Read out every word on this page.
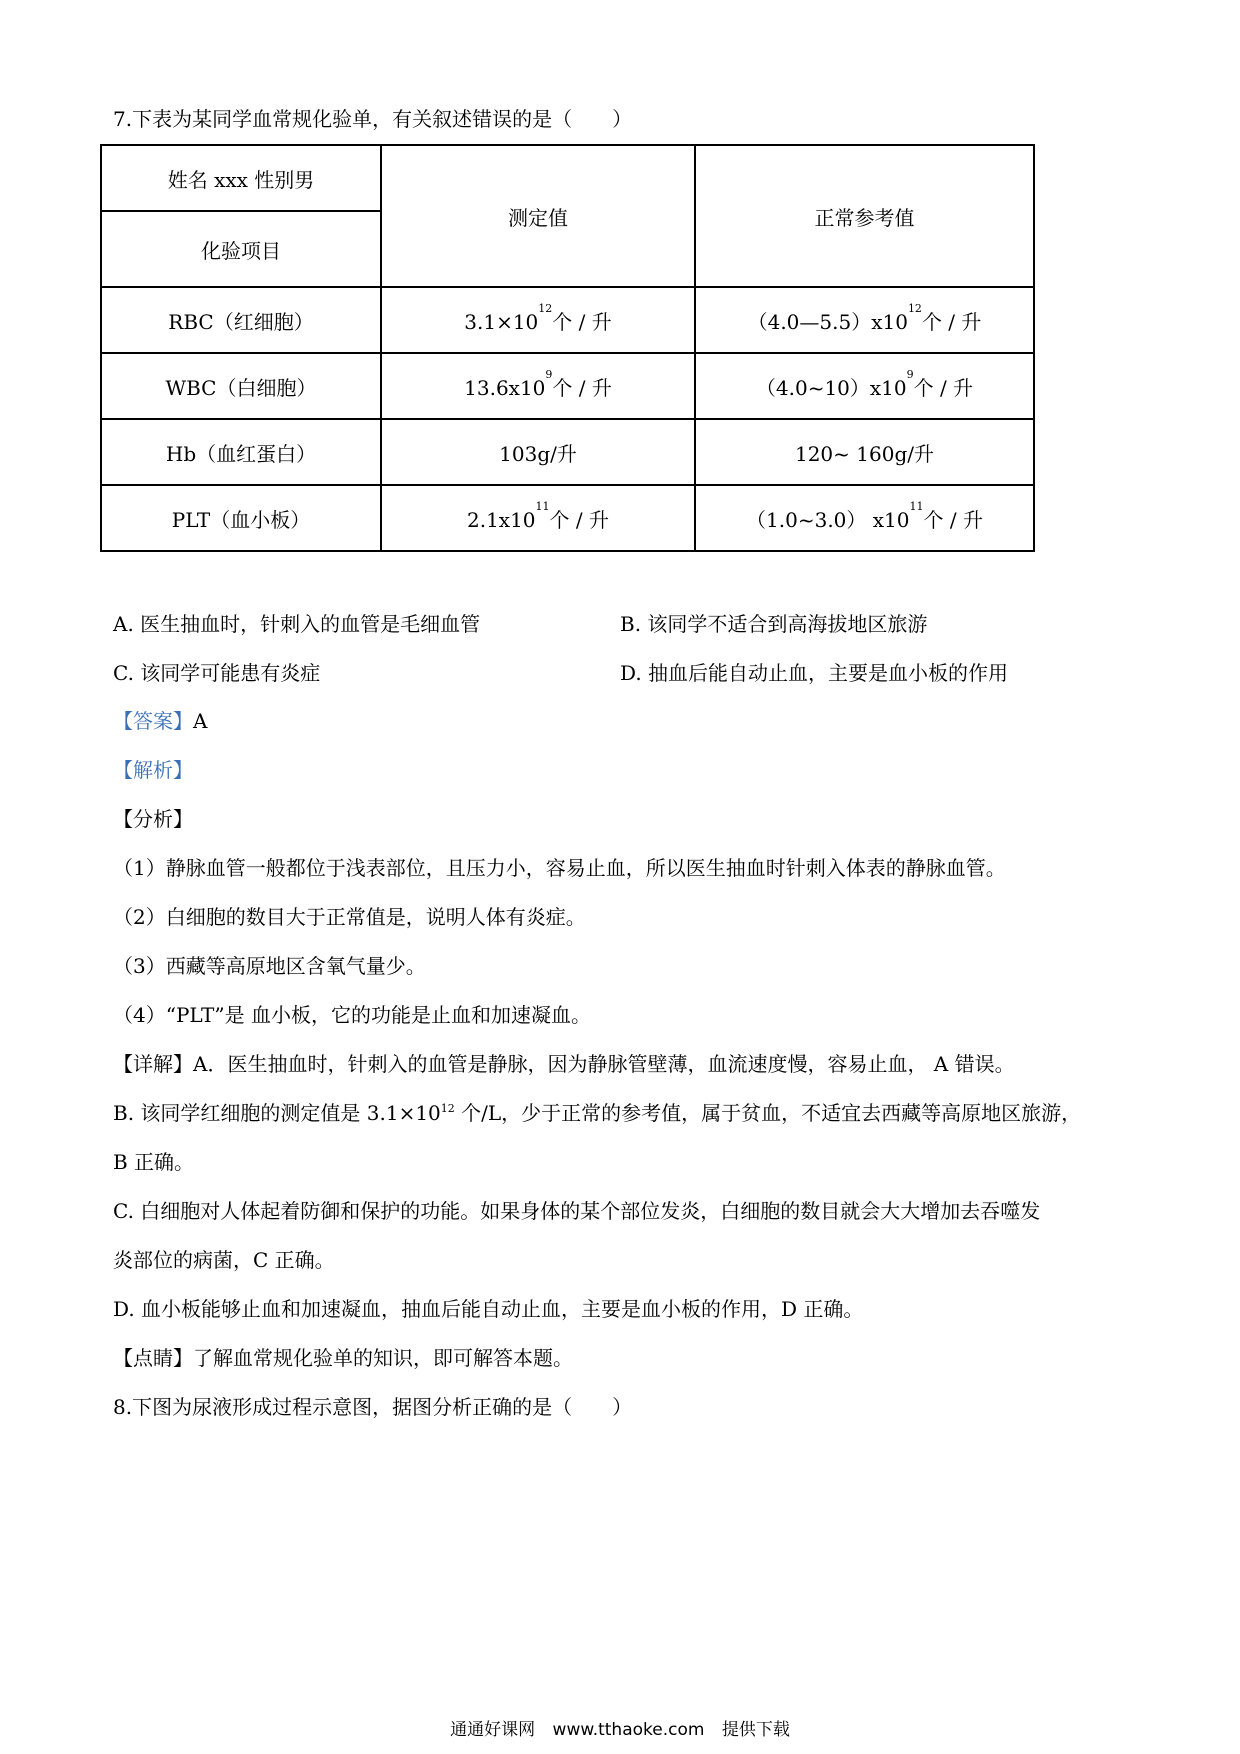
7.下表为某同学血常规化验单，有关叙述错误的是（　　）
姓名 xxx 性别男	测定值	正常参考值
化验项目		
RBC（红细胞）	$3.1\times 10^{12}$个 / 升	$(4.0—5.5)x10^{12}$个 / 升
WBC（白细胞）	$13.6x10^9$个 / 升	$(4.0\sim 10)x10^9$个 / 升
Hb（血红蛋白）	103g/升	120~ 160g/升
PLT（血小板）	$2.1x10^{11}$个 / 升	（1.0~3.0） $x10^{11}$个 / 升
A. 医生抽血时，针刺入的血管是毛细血管	B. 该同学不适合到高海拔地区旅游
C. 该同学可能患有炎症	D. 抽血后能自动止血，主要是血小板的作用
【答案】A
【解析】
【分析】
（1）静脉血管一般都位于浅表部位，且压力小，容易止血，所以医生抽血时针刺入体表的静脉血管。
（2）白细胞的数目大于正常值是，说明人体有炎症。
（3）西藏等高原地区含氧气量少。
（4）“PLT”是 血小板，它的功能是止血和加速凝血。
【详解】A．医生抽血时，针刺入的血管是静脉，因为静脉管壁薄，血流速度慢，容易止血， A 错误。
B. 该同学红细胞的测定值是 $3.1\times 10^{12}$ 个/L，少于正常的参考值，属于贫血，不适宜去西藏等高原地区旅游，
B 正确。
C. 白细胞对人体起着防御和保护的功能。如果身体的某个部位发炎，白细胞的数目就会大大增加去吞噬发
炎部位的病菌，C 正确。
D. 血小板能够止血和加速凝血，抽血后能自动止血，主要是血小板的作用，D 正确。
【点睛】了解血常规化验单的知识，即可解答本题。
8.下图为尿液形成过程示意图，据图分析正确的是（　　）
通通好课网 www.tthaoke.com 提供下载
